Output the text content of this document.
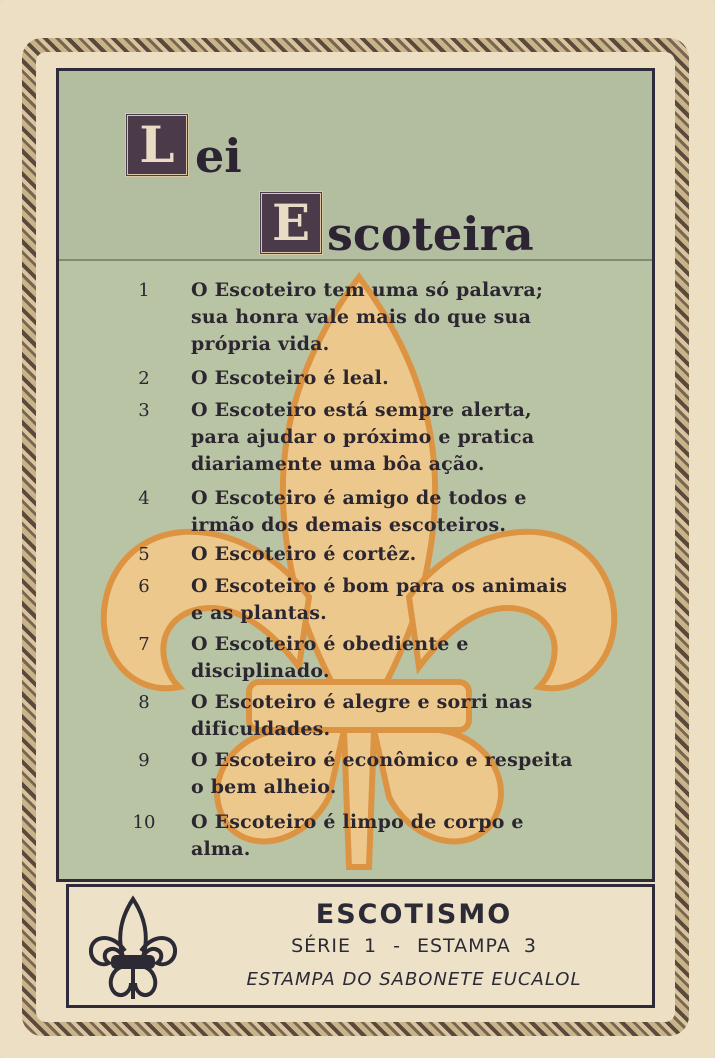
L ei
E scoteira
1	O Escoteiro tem uma só palavra; sua honra vale mais do que sua própria vida.
2	O Escoteiro é leal.
3	O Escoteiro está sempre alerta, para ajudar o próximo e pratica diariamente uma bôa ação.
4	O Escoteiro é amigo de todos e irmão dos demais escoteiros.
5	O Escoteiro é cortêz.
6	O Escoteiro é bom para os animais e as plantas.
7	O Escoteiro é obediente e disciplinado.
8	O Escoteiro é alegre e sorri nas dificuldades.
9	O Escoteiro é econômico e respeita o bem alheio.
10 O Escoteiro é limpo de corpo e alma.
ESCOTISMO
SÉRIE 1 - ESTAMPA 3
ESTAMPA DO SABONETE EUCALOL
